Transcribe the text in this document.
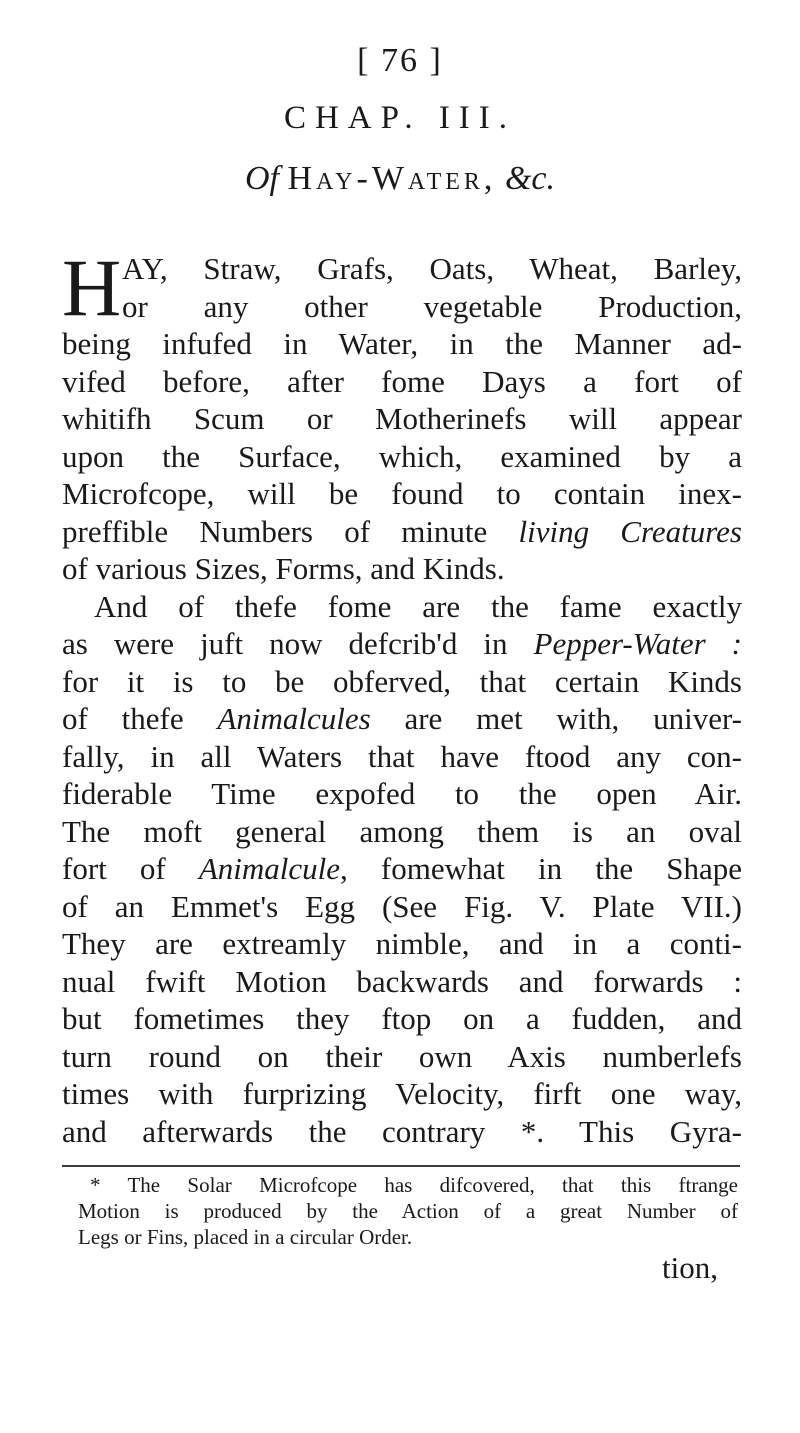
[ 76 ]
CHAP. III.
Of Hay-Water, &c.
H AY, Straw, Grafs, Oats, Wheat, Barley,
or any other vegetable Production,
being infufed in Water, in the Manner ad-
vifed before, after fome Days a fort of
whitifh Scum or Motherinefs will appear
upon the Surface, which, examined by a
Microfcope, will be found to contain inex-
preffible Numbers of minute living Creatures
of various Sizes, Forms, and Kinds.
And of thefe fome are the fame exactly
as were juft now defcrib'd in Pepper-Water :
for it is to be obferved, that certain Kinds
of thefe Animalcules are met with, univer-
fally, in all Waters that have ftood any con-
fiderable Time expofed to the open Air.
The moft general among them is an oval
fort of Animalcule, fomewhat in the Shape
of an Emmet's Egg (See Fig. V. Plate VII.)
They are extreamly nimble, and in a conti-
nual fwift Motion backwards and forwards :
but fometimes they ftop on a fudden, and
turn round on their own Axis numberlefs
times with furprizing Velocity, firft one way,
and afterwards the contrary *. This Gyra-
* The Solar Microfcope has difcovered, that this ftrange
Motion is produced by the Action of a great Number of
Legs or Fins, placed in a circular Order.
tion,
